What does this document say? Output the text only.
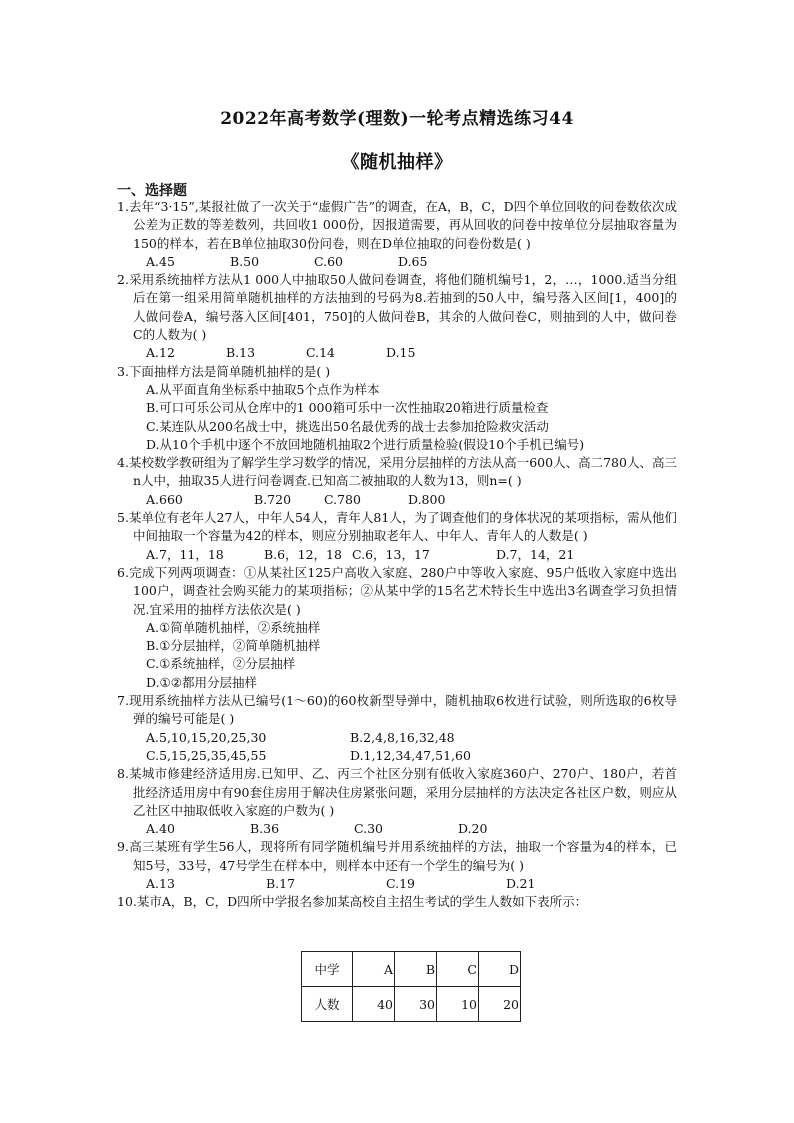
2022年高考数学(理数)一轮考点精选练习44
《随机抽样》
一、选择题
1.去年“3·15”,某报社做了一次关于“虚假广告”的调查，在A，B，C，D四个单位回收的问卷数依次成公差为正数的等差数列，共回收1 000份，因报道需要，再从回收的问卷中按单位分层抽取容量为150的样本，若在B单位抽取30份问卷，则在D单位抽取的问卷份数是( )
A.45	B.50	C.60	D.65
2.采用系统抽样方法从1 000人中抽取50人做问卷调查，将他们随机编号1，2，…，1000.适当分组后在第一组采用简单随机抽样的方法抽到的号码为8.若抽到的50人中，编号落入区间[1，400]的人做问卷A，编号落入区间[401，750]的人做问卷B，其余的人做问卷C，则抽到的人中，做问卷C的人数为( )
A.12	B.13	C.14	D.15
3.下面抽样方法是简单随机抽样的是( )
A.从平面直角坐标系中抽取5个点作为样本
B.可口可乐公司从仓库中的1 000箱可乐中一次性抽取20箱进行质量检查
C.某连队从200名战士中，挑选出50名最优秀的战士去参加抢险救灾活动
D.从10个手机中逐个不放回地随机抽取2个进行质量检验(假设10个手机已编号)
4.某校数学教研组为了解学生学习数学的情况，采用分层抽样的方法从高一600人、高二780人、高三n人中，抽取35人进行问卷调查.已知高二被抽取的人数为13，则n=( )
A.660	B.720	C.780	D.800
5.某单位有老年人27人，中年人54人，青年人81人，为了调查他们的身体状况的某项指标，需从他们中间抽取一个容量为42的样本，则应分别抽取老年人、中年人、青年人的人数是( )
A.7，11，18	B.6，12，18 C.6，13，17	D.7，14，21
6.完成下列两项调查：①从某社区125户高收入家庭、280户中等收入家庭、95户低收入家庭中选出100户，调查社会购买能力的某项指标；②从某中学的15名艺术特长生中选出3名调查学习负担情况.宜采用的抽样方法依次是( )
A.①简单随机抽样，②系统抽样
B.①分层抽样，②简单随机抽样
C.①系统抽样，②分层抽样
D.①②都用分层抽样
7.现用系统抽样方法从已编号(1～60)的60枚新型导弹中，随机抽取6枚进行试验，则所选取的6枚导弹的编号可能是( )
A.5,10,15,20,25,30	B.2,4,8,16,32,48
C.5,15,25,35,45,55	D.1,12,34,47,51,60
8.某城市修建经济适用房.已知甲、乙、丙三个社区分别有低收入家庭360户、270户、180户，若首批经济适用房中有90套住房用于解决住房紧张问题，采用分层抽样的方法决定各社区户数，则应从乙社区中抽取低收入家庭的户数为( )
A.40	B.36	C.30	D.20
9.高三某班有学生56人，现将所有同学随机编号并用系统抽样的方法，抽取一个容量为4的样本，已知5号，33号，47号学生在样本中，则样本中还有一个学生的编号为( )
A.13	B.17	C.19	D.21
10.某市A，B，C，D四所中学报名参加某高校自主招生考试的学生人数如下表所示：
中学	A	B	C	D
人数	40	30	10	20
